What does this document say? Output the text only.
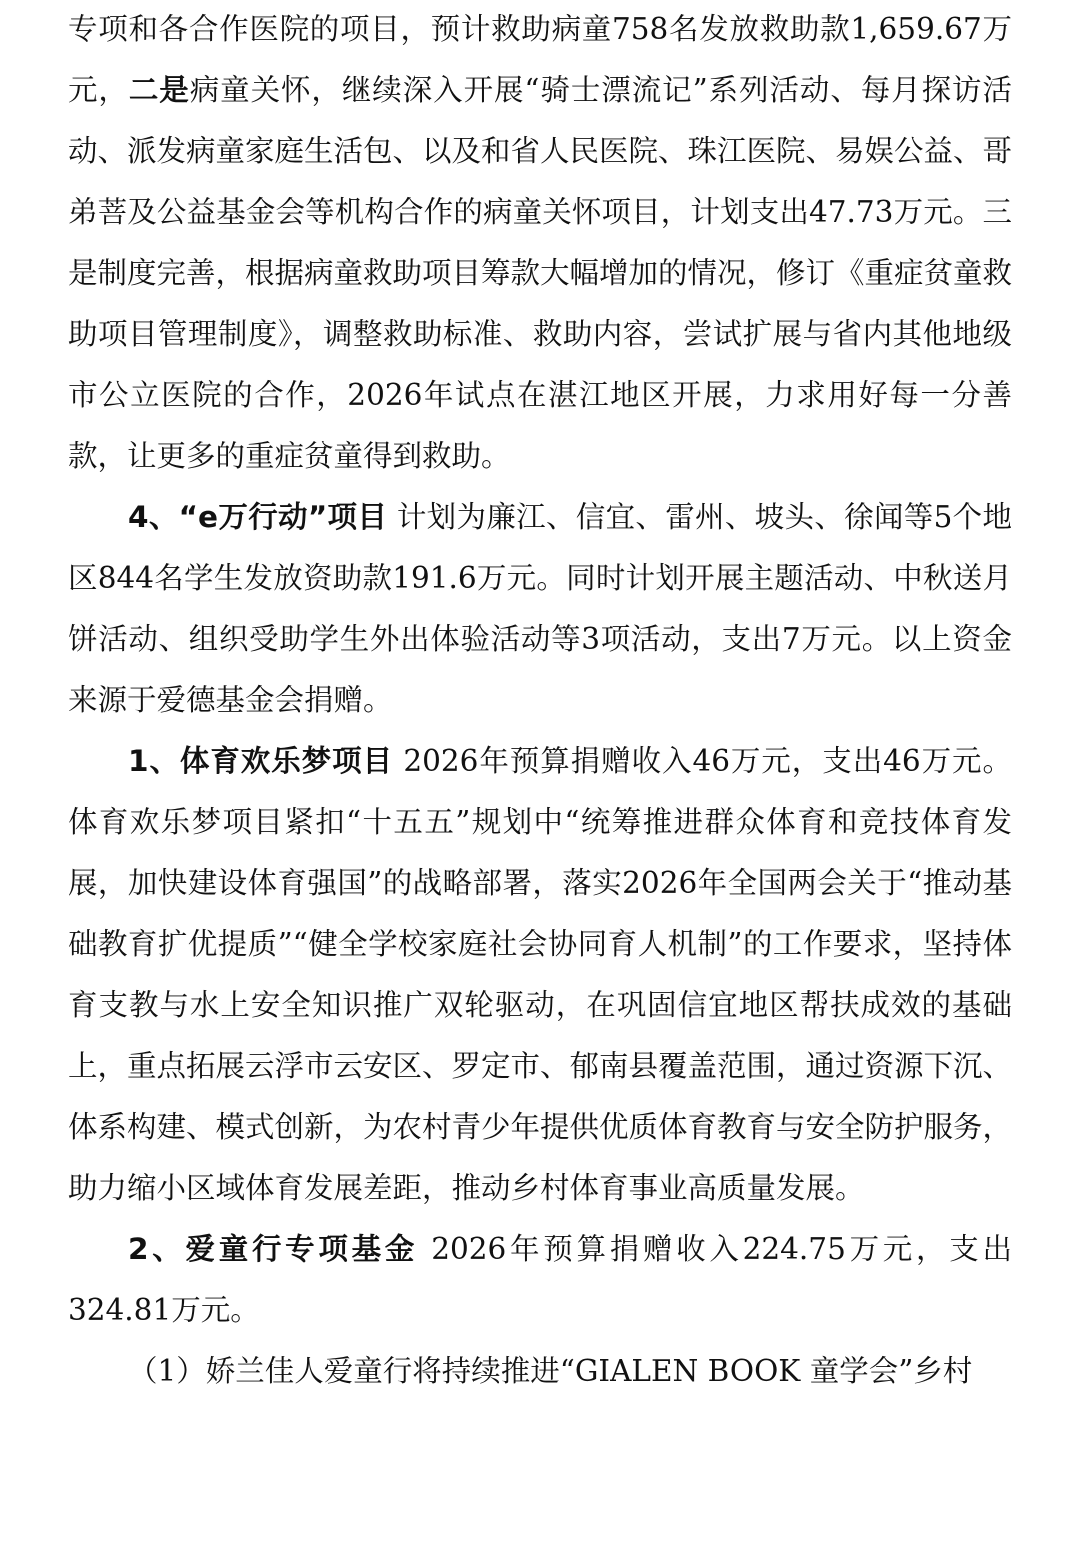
专项和各合作医院的项目，预计救助病童758名发放救助款1,659.67万元，二是病童关怀，继续深入开展“骑士漂流记”系列活动、每月探访活动、派发病童家庭生活包、以及和省人民医院、珠江医院、易娱公益、哥弟菩及公益基金会等机构合作的病童关怀项目，计划支出47.73万元。三是制度完善，根据病童救助项目筹款大幅增加的情况，修订《重症贫童救助项目管理制度》，调整救助标准、救助内容，尝试扩展与省内其他地级市公立医院的合作，2026年试点在湛江地区开展，力求用好每一分善款，让更多的重症贫童得到救助。

4、“e万行动”项目 计划为廉江、信宜、雷州、坡头、徐闻等5个地区844名学生发放资助款191.6万元。同时计划开展主题活动、中秋送月饼活动、组织受助学生外出体验活动等3项活动，支出7万元。以上资金来源于爱德基金会捐赠。

1、体育欢乐梦项目 2026年预算捐赠收入46万元，支出46万元。体育欢乐梦项目紧扣“十五五”规划中“统筹推进群众体育和竞技体育发展，加快建设体育强国”的战略部署，落实2026年全国两会关于“推动基础教育扩优提质”“健全学校家庭社会协同育人机制”的工作要求，坚持体育支教与水上安全知识推广双轮驱动，在巩固信宜地区帮扶成效的基础上，重点拓展云浮市云安区、罗定市、郁南县覆盖范围，通过资源下沉、体系构建、模式创新，为农村青少年提供优质体育教育与安全防护服务，助力缩小区域体育发展差距，推动乡村体育事业高质量发展。

2、爱童行专项基金 2026年预算捐赠收入224.75万元，支出324.81万元。

（1）娇兰佳人爱童行将持续推进“GIALEN BOOK 童学会”乡村
